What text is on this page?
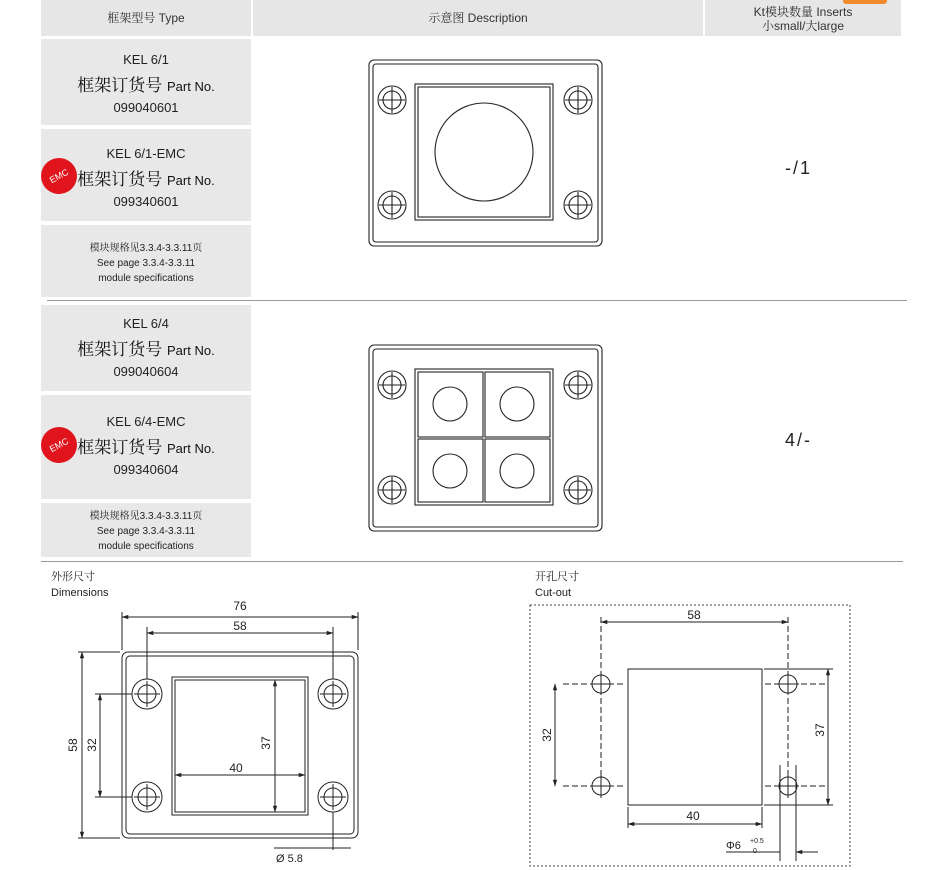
框架型号 Type	示意图 Description	Kt模块数量 Inserts
小small/大large
KEL 6/1
框架订货号 Part No.
099040601
KEL 6/1-EMC
框架订货号 Part No.
099340601
EMC
模块规格见3.3.4-3.3.11页
See page 3.3.4-3.3.11
module specifications
-/1
KEL 6/4
框架订货号 Part No.
099040604
KEL 6/4-EMC
框架订货号 Part No.
099340604
EMC
模块规格见3.3.4-3.3.11页
See page 3.3.4-3.3.11
module specifications
4/-
外形尺寸
Dimensions
76
58
58 32	37
40
Ø 5.8
开孔尺寸
Cut-out
58
32	37
40
Φ6 +0.5
0
